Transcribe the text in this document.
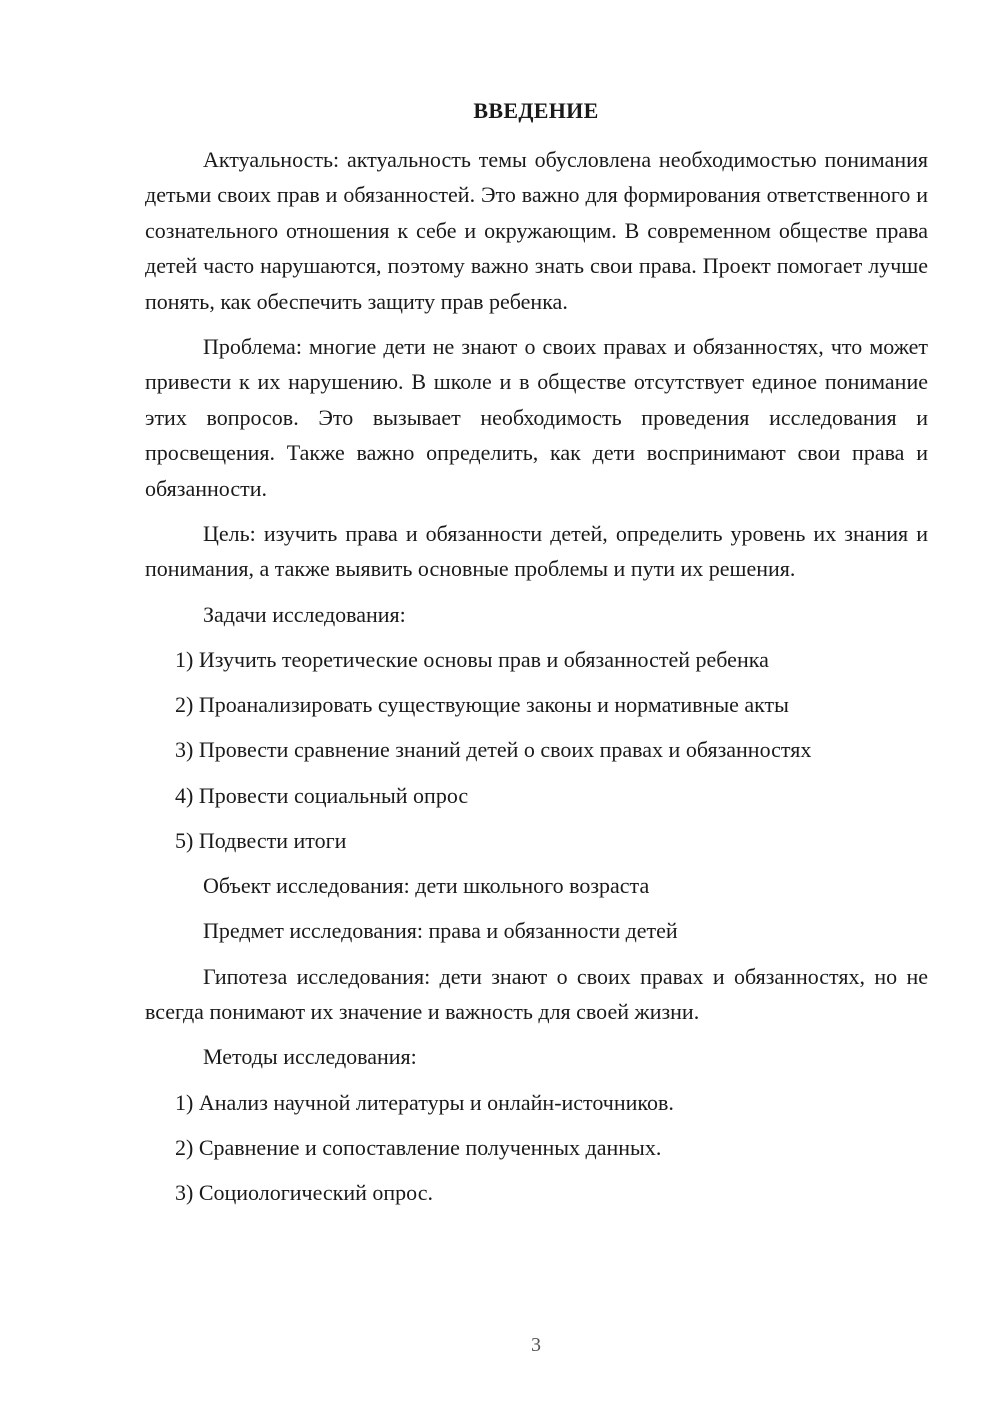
ВВЕДЕНИЕ

Актуальность: актуальность темы обусловлена необходимостью понимания детьми своих прав и обязанностей. Это важно для формирования ответственного и сознательного отношения к себе и окружающим. В современном обществе права детей часто нарушаются, поэтому важно знать свои права. Проект помогает лучше понять, как обеспечить защиту прав ребенка.

Проблема: многие дети не знают о своих правах и обязанностях, что может привести к их нарушению. В школе и в обществе отсутствует единое понимание этих вопросов. Это вызывает необходимость проведения исследования и просвещения. Также важно определить, как дети воспринимают свои права и обязанности.

Цель: изучить права и обязанности детей, определить уровень их знания и понимания, а также выявить основные проблемы и пути их решения.

Задачи исследования:
1) Изучить теоретические основы прав и обязанностей ребенка
2) Проанализировать существующие законы и нормативные акты
3) Провести сравнение знаний детей о своих правах и обязанностях
4) Провести социальный опрос
5) Подвести итоги
Объект исследования: дети школьного возраста
Предмет исследования: права и обязанности детей

Гипотеза исследования: дети знают о своих правах и обязанностях, но не всегда понимают их значение и важность для своей жизни.

Методы исследования:
1) Анализ научной литературы и онлайн-источников.
2) Сравнение и сопоставление полученных данных.
3) Социологический опрос.
3
